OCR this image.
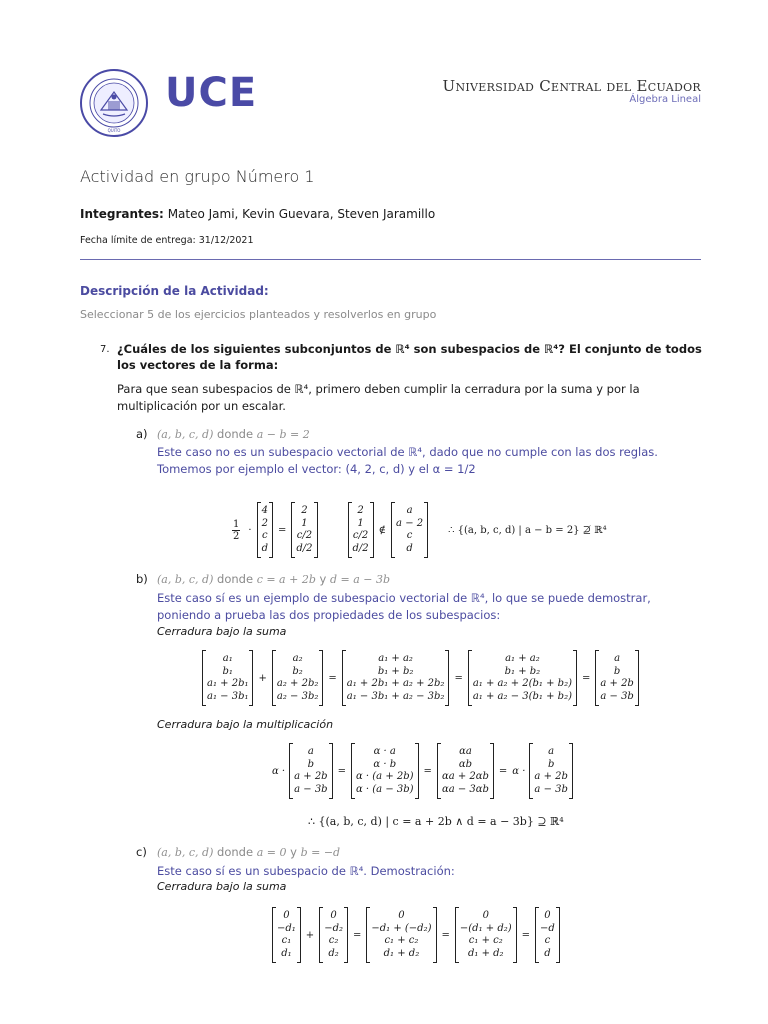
QUITO
UCE	Universidad Central del Ecuador
Álgebra Lineal
Actividad en grupo Número 1
Integrantes: Mateo Jami, Kevin Guevara, Steven Jaramillo
Fecha límite de entrega: 31/12/2021
Descripción de la Actividad:
Seleccionar 5 de los ejercicios planteados y resolverlos en grupo
7. ¿Cuáles de los siguientes subconjuntos de ℝ⁴ son subespacios de ℝ⁴? El conjunto de todos los vectores de la forma:
Para que sean subespacios de ℝ⁴, primero deben cumplir la cerradura por la suma y por la multiplicación por un escalar.
a) (a, b, c, d) donde a − b = 2
Este caso no es un subespacio vectorial de ℝ⁴, dado que no cumple con las dos reglas. Tomemos por ejemplo el vector: (4, 2, c, d) y el α = 1/2
$\frac{1}{2}$ ·
4
2
c
d
=
2
1
c/2
d/2
2
1
c/2
d/2
∉
a
a − 2
c
d
∴ {(a, b, c, d) | a − b = 2} ⊉ ℝ⁴
b) (a, b, c, d) donde c = a + 2b y d = a − 3b
Este caso sí es un ejemplo de subespacio vectorial de ℝ⁴, lo que se puede demostrar, poniendo a prueba las dos propiedades de los subespacios:
Cerradura bajo la suma
a₁
b₁
a₁ + 2b₁
a₁ − 3b₁
+
a₂
b₂
a₂ + 2b₂
a₂ − 3b₂
=
a₁ + a₂
b₁ + b₂
a₁ + 2b₁ + a₂ + 2b₂
a₁ − 3b₁ + a₂ − 3b₂
=
a₁ + a₂
b₁ + b₂
a₁ + a₂ + 2(b₁ + b₂)
a₁ + a₂ − 3(b₁ + b₂)
=
a
b
a + 2b
a − 3b
Cerradura bajo la multiplicación
α ·
a
b
a + 2b
a − 3b
=
α · a
α · b
α · (a + 2b)
α · (a − 3b)
=
αa
αb
αa + 2αb
αa − 3αb
= α ·
a
b
a + 2b
a − 3b
∴ {(a, b, c, d) | c = a + 2b ∧ d = a − 3b} ⊇ ℝ⁴
c) (a, b, c, d) donde a = 0 y b = −d
Este caso sí es un subespacio de ℝ⁴. Demostración:
Cerradura bajo la suma
0
−d₁
c₁
d₁
+
0
−d₂
c₂
d₂
=
0
−d₁ + (−d₂)
c₁ + c₂
d₁ + d₂
=
0
−(d₁ + d₂)
c₁ + c₂
d₁ + d₂
=
0
−d
c
d
